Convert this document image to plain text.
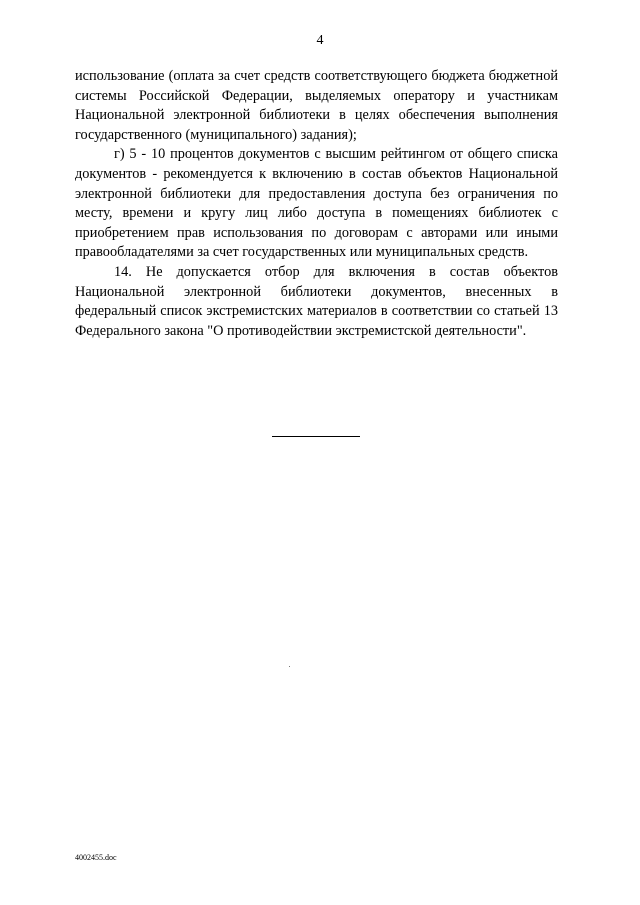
4

использование (оплата за счет средств соответствующего бюджета бюджетной системы Российской Федерации, выделяемых оператору и участникам Национальной электронной библиотеки в целях обеспечения выполнения государственного (муниципального) задания);

г) 5 - 10 процентов документов с высшим рейтингом от общего списка документов - рекомендуется к включению в состав объектов Национальной электронной библиотеки для предоставления доступа без ограничения по месту, времени и кругу лиц либо доступа в помещениях библиотек с приобретением прав использования по договорам с авторами или иными правообладателями за счет государственных или муниципальных средств.

14. Не допускается отбор для включения в состав объектов Национальной электронной библиотеки документов, внесенных в федеральный список экстремистских материалов в соответствии со статьей 13 Федерального закона "О противодействии экстремистской деятельности".

4002455.doc
